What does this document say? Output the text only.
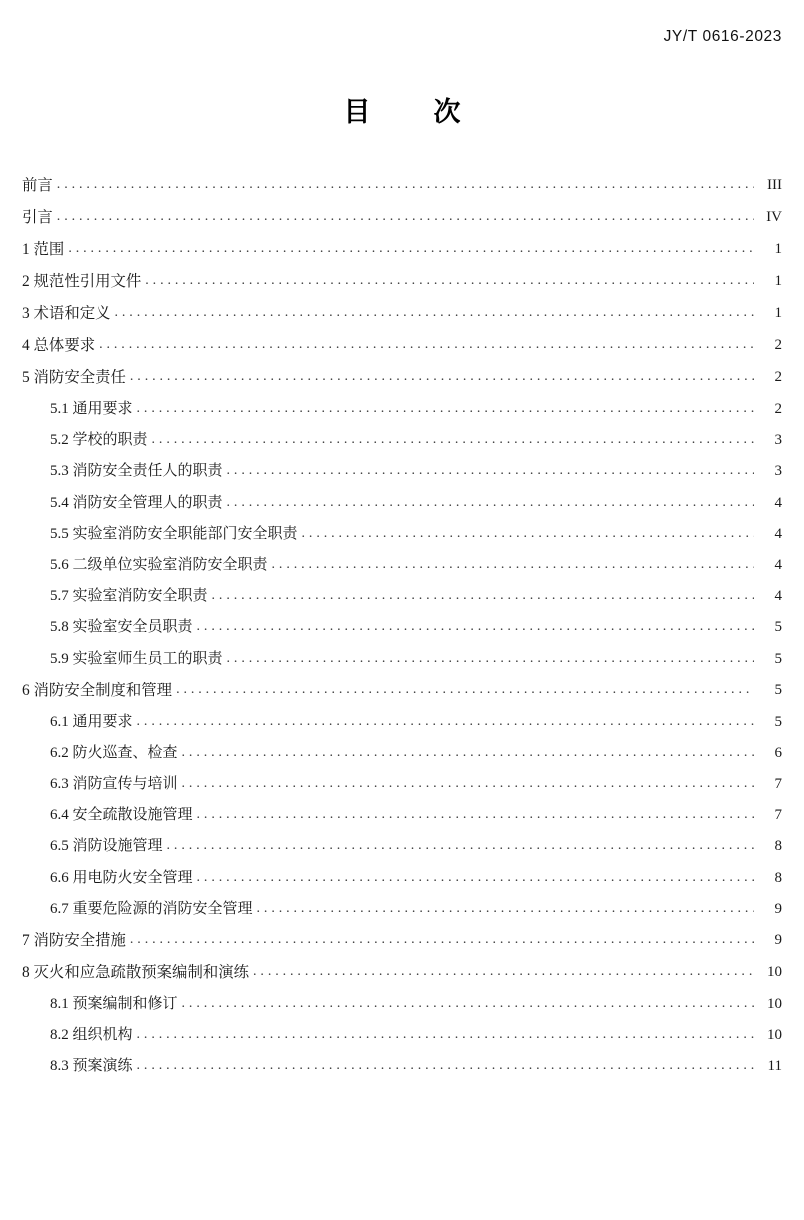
JY/T 0616-2023
目　次
前言 . . .	III
引言 . . .	IV
1 范围 . . .	1
2 规范性引用文件 . . .	1
3 术语和定义 . . .	1
4 总体要求 . . .	2
5 消防安全责任 . . .	2
5.1 通用要求 . . .	2
5.2 学校的职责 . . .	3
5.3 消防安全责任人的职责 . . .	3
5.4 消防安全管理人的职责 . . .	4
5.5 实验室消防安全职能部门安全职责 . . .	4
5.6 二级单位实验室消防安全职责 . . .	4
5.7 实验室消防安全职责 . . .	4
5.8 实验室安全员职责 . . .	5
5.9 实验室师生员工的职责 . . .	5
6 消防安全制度和管理 . . .	5
6.1 通用要求 . . .	5
6.2 防火巡查、检查 . . .	6
6.3 消防宣传与培训 . . .	7
6.4 安全疏散设施管理 . . .	7
6.5 消防设施管理 . . .	8
6.6 用电防火安全管理 . . .	8
6.7 重要危险源的消防安全管理 . . .	9
7 消防安全措施 . . .	9
8 灭火和应急疏散预案编制和演练 . . .	10
8.1 预案编制和修订 . . .	10
8.2 组织机构 . . .	10
8.3 预案演练 . . .	11
